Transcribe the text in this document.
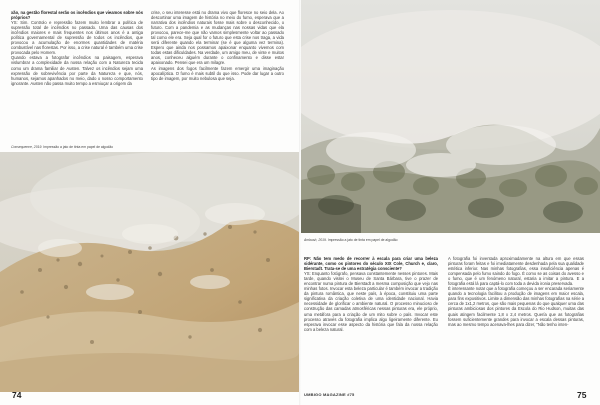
xão, na gestão florestal serão os incêndios que vieamos sobre nós próprios?
YS: Sim. Controlo e repressão fazem muito lembrar a política de supressão total de incêndios no passado. Uma das causas dos incêndios maiores e mais frequentes nos últimos anos é a antiga política governamental de supressão de todos os incêndios, que provocou a acumulação de enormes quantidades de matéria combustível nas florestas. Por isso, a crise natural é também uma crise provocada pelo Homem.
Quando estava a fotografar incêndios na paisagem, esperava vislumbrar a complexidade da nossa relação com a Natureza tecida como um drama familiar de Austen. Talvez os incêndios sejam uma expressão de sobrevivência por parte da Natureza e que, nós, humanos, sejamos apanhados no meio, dado o nosso comportamento ignorante. Austen não passa muito tempo a esmiuçar a origem da
crise, o seu interesse está no drama vivo que floresce no seio dela. Ao descortinar uma imagem de história no meio do fumo, esperava que a narrativa dos incêndios naturais fosse mais sobre o desconhecido, o futuro. Com a pandemia e as mudanças nas nossas vidas que ela provocou, parece-me que não vamos simplesmente voltar ao passado tal como ele era. Seja qual for o futuro que esta crise nos traga, a vida será diferente quando ela terminar (se é que alguma vez termina). Espero que ainda nos possamos apaixonar enquanto vivemos com todas estas dificuldades. Na verdade, um amigo meu, de vinte e muitos anos, conheceu alguém durante o confinamento e disse estar apaixonado. Pensei que era um milagre.
As imagens dos fogos facilmente fazem emergir uma imaginação apocalíptica. O fumo é mais subtil do que isso. Pode dar lugar a outro tipo de imagem, por muito nebulosa que seja.
Consequence, 2019. Impressão a jato de tinta em papel de algodão
74
Ambush, 2019. Impressão a jato de tinta em papel de algodão
RP: Não tem medo de recorrer à escala para criar uma beleza sidérante, como os pintores do século XIX Cole, Church e, claro, Bierstadt. Trata-se de uma estratégia consciente?
YS: Enquanto fotógrafo, pensava constantemente nesses pintores. Mais tarde, quando visitei o Museu de Santa Bárbara, tive o prazer de encontrar numa pintura de Bierstadt a mesma composição que vejo nas minhas fotos. Invocar esta beleza particular é também invocar a tradição da pintura romântica, que neste país, à época, constituiu uma parte significativa da criação coletiva de uma identidade nacional. Havia necessidade de glorificar o ambiente natural. O processo minucioso de construção das camadas atmosféricas nessas pinturas era, ele próprio, uma metáfora para a criação de um mito sobre o país. Invocar este processo através da fotografia implica algo ligeiramente diferente. Eu esperava invocar esse aspecto da história que fala da nossa relação com a beleza natural.
A fotografia foi inventada aproximadamente na altura em que essas pinturas foram feitas e foi imediatamente desdenhada pela sua qualidade estética inferior. Nas minhas fotografias, essa insuficiência apenas é compensada pelo fumo saindo do fogo. É como se as coisas do avesso e o fumo, que é um fenómeno natural, estaria a imitar a pintura. E a fotografia está lá para captá-lo com toda a devida ironia preservada.
É interessante notar que a fotografia começou a ser encarada seriamente quando a tecnologia facilitou a produção de imagens em maior escala, para fins expositivos. Limite a dimensão das minhas fotografias na série a cerca de 1x1,2 metros, que são mais pequenas do que qualquer uma das pinturas ambiciosas dos pintores da Escola do Rio Hudson, muitas das quais atingem facilmente 1,8 x 2,4 metros. Quería que as fotografias fossem suficientemente grandes para invocar a escala dessas pinturas, mas ao mesmo tempo acenava-lhes para dizer, "Não tenho inten-
UMBIGO MAGAZINE #75	75
